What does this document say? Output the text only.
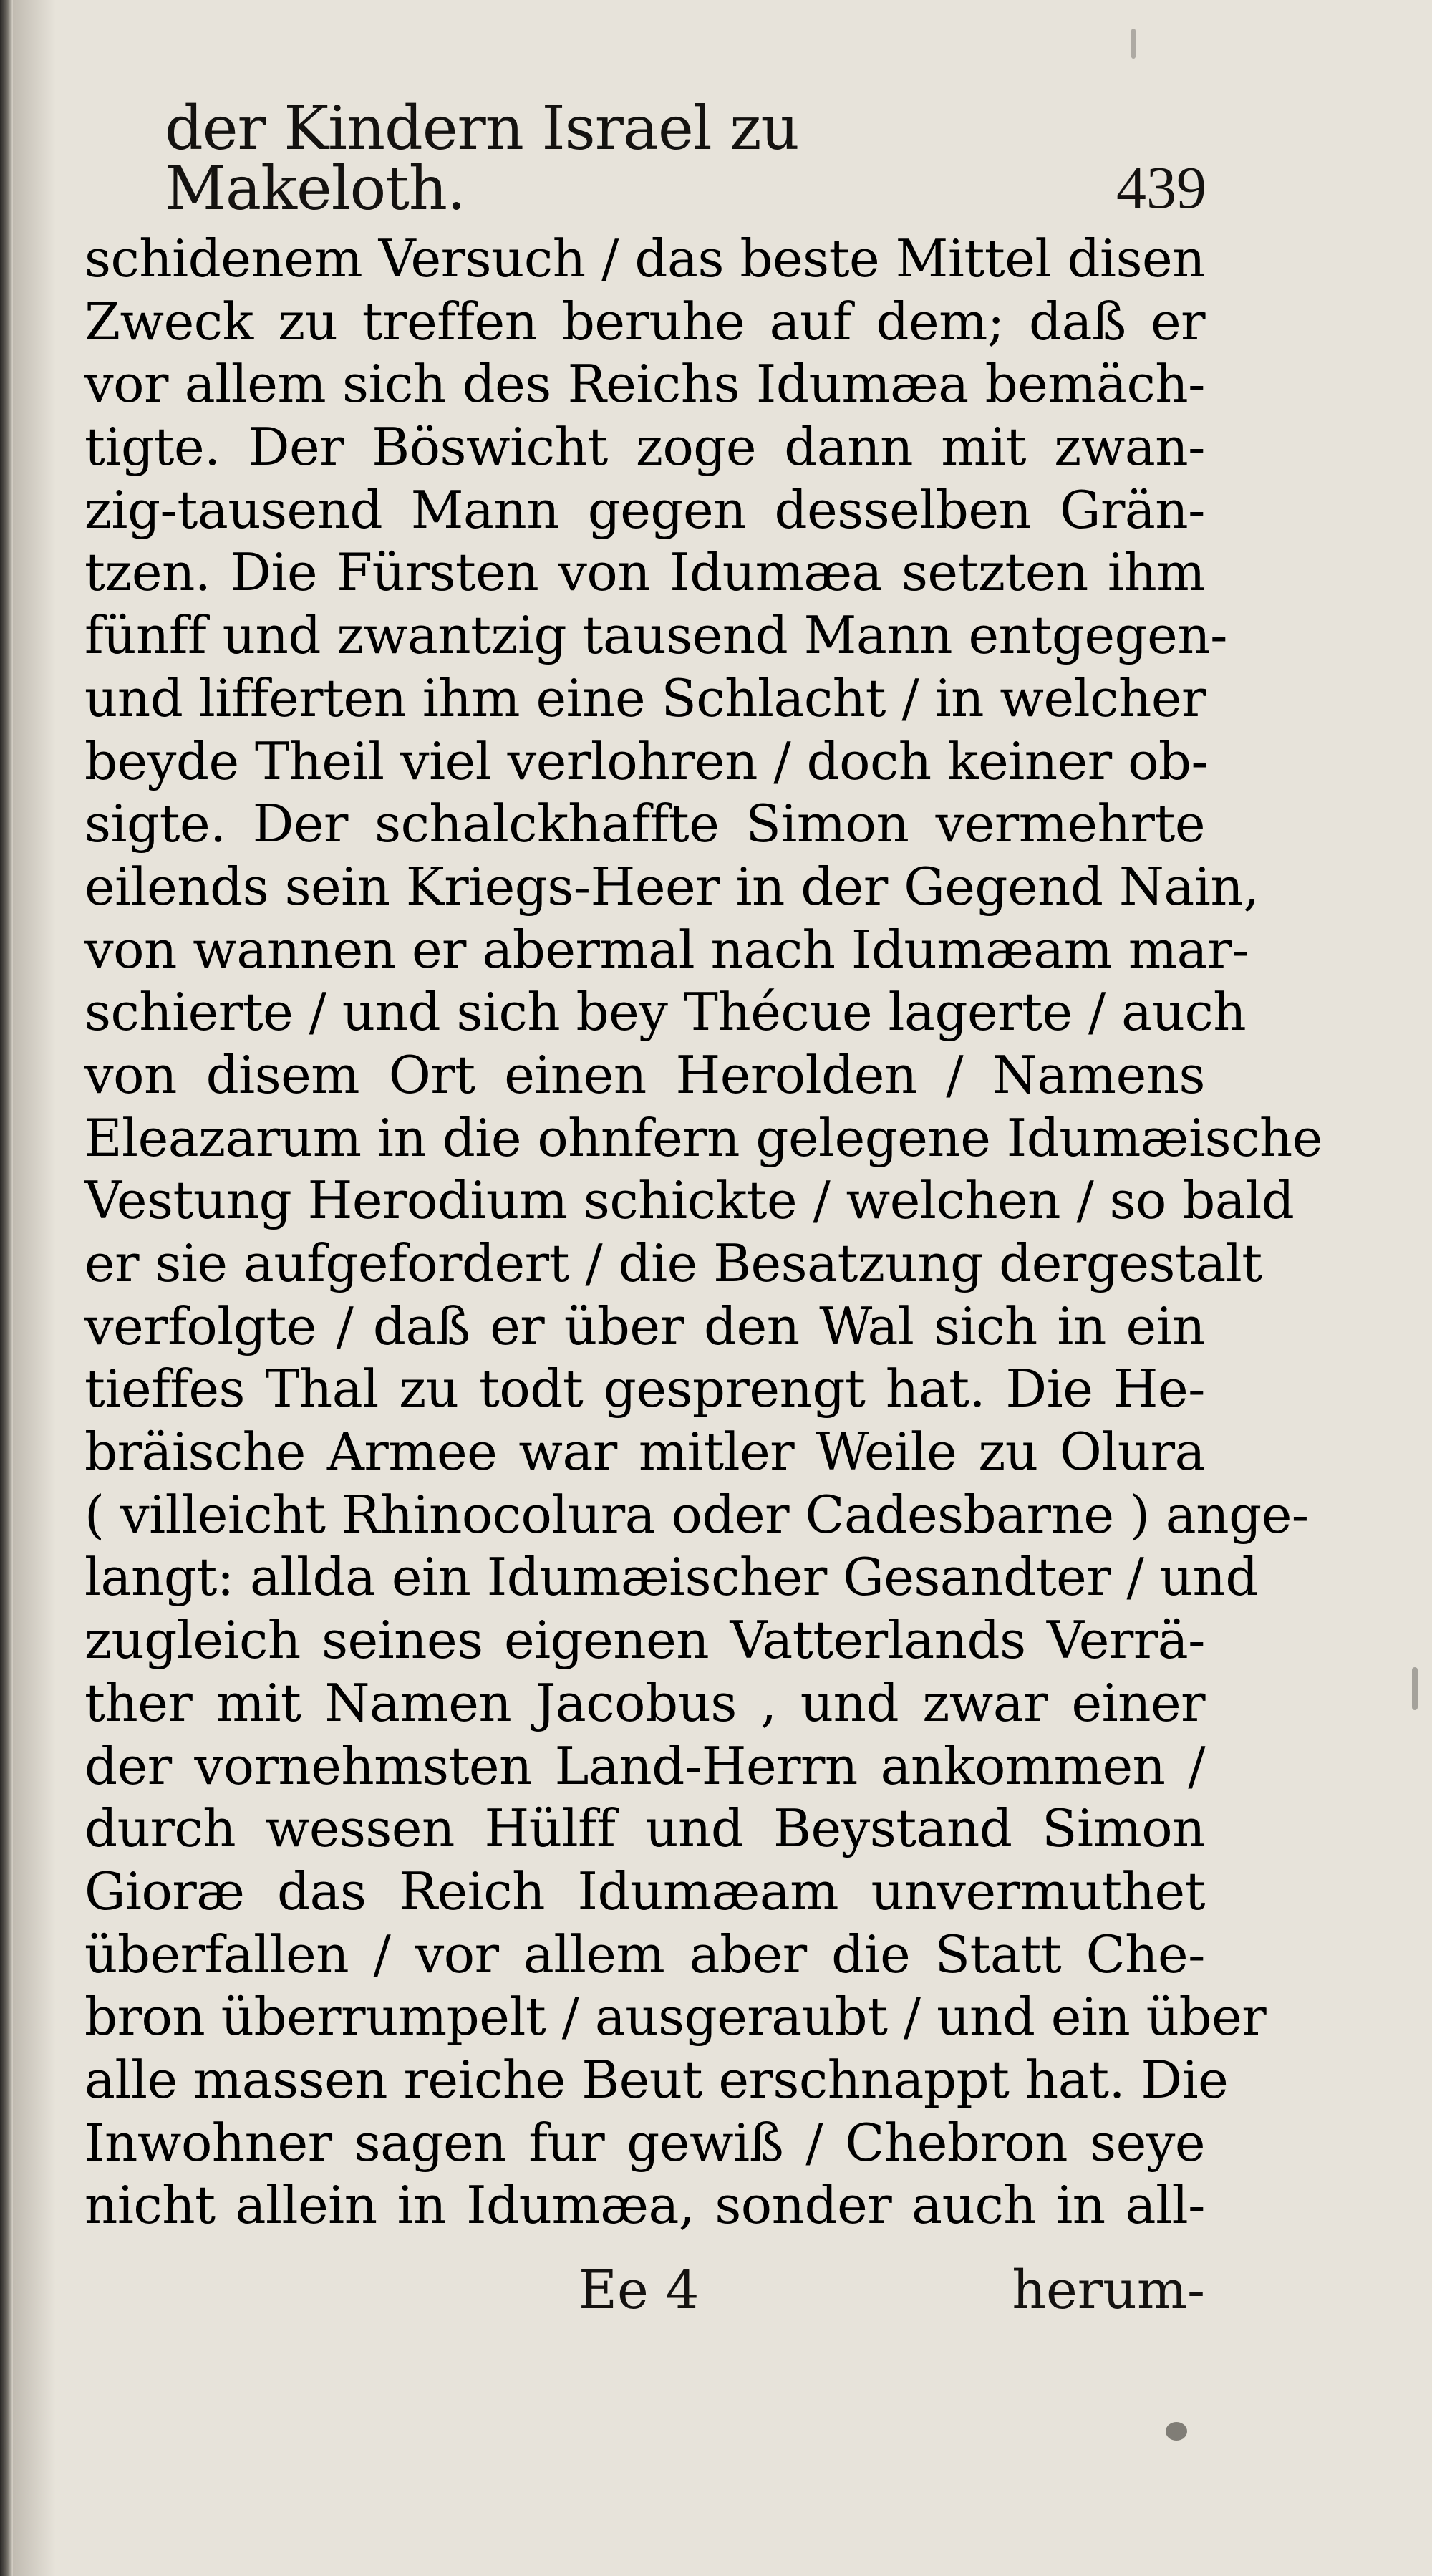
der Kindern Israel zu Makeloth.	439
schidenem Versuch / das beste Mittel disen
Zweck zu treffen beruhe auf dem; daß er
vor allem sich des Reichs Idumæa bemäch-
tigte. Der Böswicht zoge dann mit zwan-
zig-tausend Mann gegen desselben Grän-
tzen. Die Fürsten von Idumæa setzten ihm
fünff und zwantzig tausend Mann entgegen-
und lifferten ihm eine Schlacht / in welcher
beyde Theil viel verlohren / doch keiner ob-
sigte. Der schalckhaffte Simon vermehrte
eilends sein Kriegs-Heer in der Gegend Nain,
von wannen er abermal nach Idumæam mar-
schierte / und sich bey Thécue lagerte / auch
von disem Ort einen Herolden / Namens
Eleazarum in die ohnfern gelegene Idumæische
Vestung Herodium schickte / welchen / so bald
er sie aufgefordert / die Besatzung dergestalt
verfolgte / daß er über den Wal sich in ein
tieffes Thal zu todt gesprengt hat. Die He-
bräische Armee war mitler Weile zu Olura
( villeicht Rhinocolura oder Cadesbarne ) ange-
langt: allda ein Idumæischer Gesandter / und
zugleich seines eigenen Vatterlands Verrä-
ther mit Namen Jacobus , und zwar einer
der vornehmsten Land-Herrn ankommen /
durch wessen Hülff und Beystand Simon
Gioræ das Reich Idumæam unvermuthet
überfallen / vor allem aber die Statt Che-
bron überrumpelt / ausgeraubt / und ein über
alle massen reiche Beut erschnappt hat. Die
Inwohner sagen fur gewiß / Chebron seye
nicht allein in Idumæa, sonder auch in all-
Ee 4	herum-
